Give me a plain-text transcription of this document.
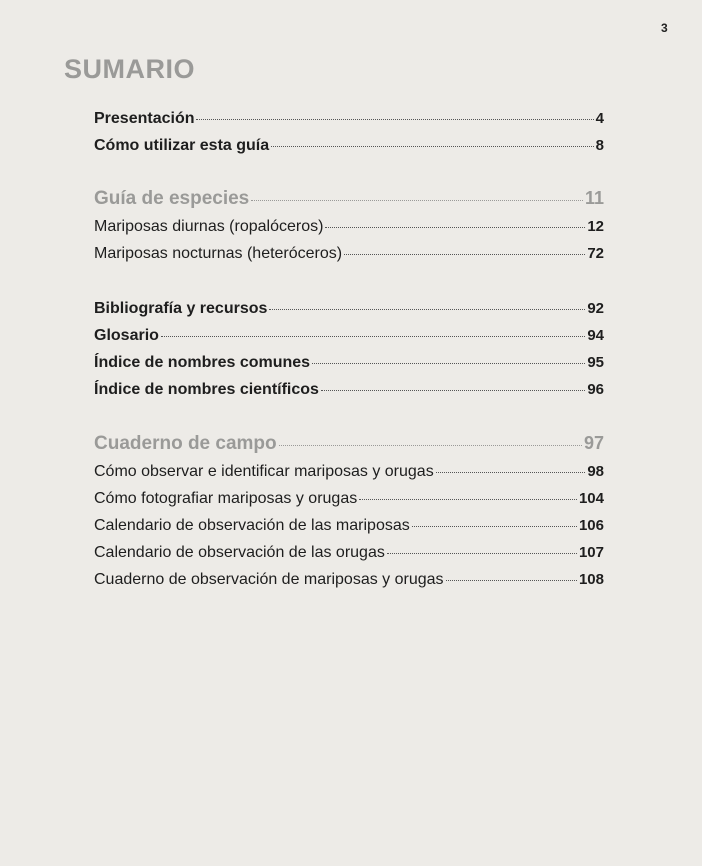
3
SUMARIO
Presentación	4
Cómo utilizar esta guía	8
Guía de especies	11
Mariposas diurnas (ropalóceros)	12
Mariposas nocturnas (heteróceros)	72
Bibliografía y recursos	92
Glosario	94
Índice de nombres comunes	95
Índice de nombres científicos	96
Cuaderno de campo	97
Cómo observar e identificar mariposas y orugas	98
Cómo fotografiar mariposas y orugas	104
Calendario de observación de las mariposas	106
Calendario de observación de las orugas	107
Cuaderno de observación de mariposas y orugas	108
